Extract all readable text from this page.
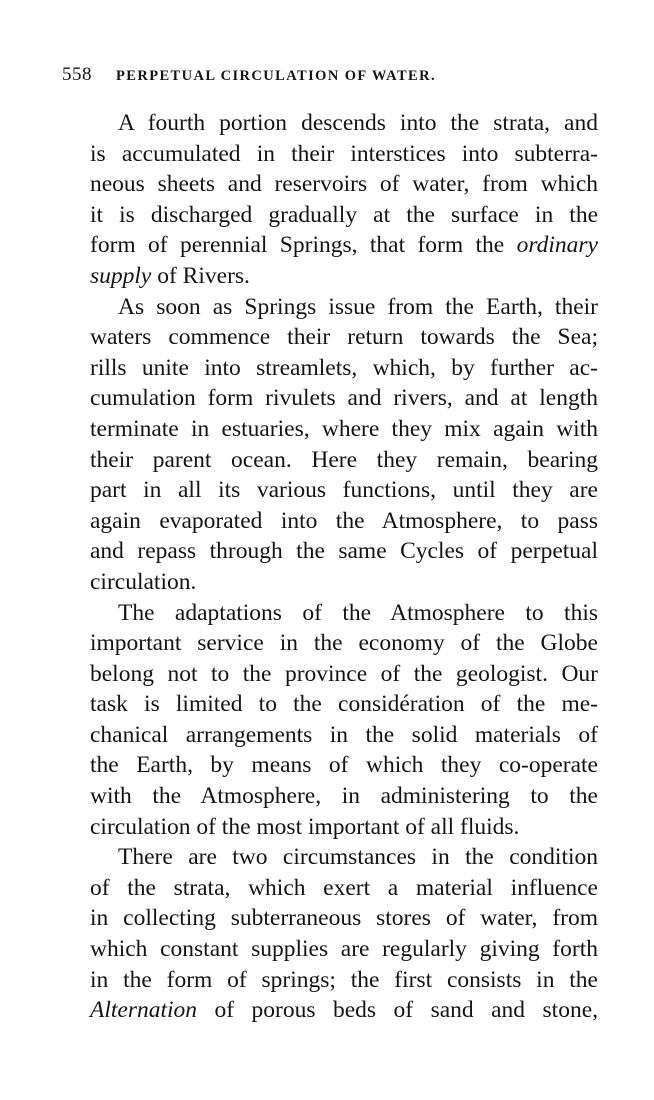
558 PERPETUAL CIRCULATION OF WATER.
A fourth portion descends into the strata, and
is accumulated in their interstices into subterra-
neous sheets and reservoirs of water, from which
it is discharged gradually at the surface in the
form of perennial Springs, that form the ordinary
supply of Rivers.
As soon as Springs issue from the Earth, their
waters commence their return towards the Sea;
rills unite into streamlets, which, by further ac-
cumulation form rivulets and rivers, and at length
terminate in estuaries, where they mix again with
their parent ocean. Here they remain, bearing
part in all its various functions, until they are
again evaporated into the Atmosphere, to pass
and repass through the same Cycles of perpetual
circulation.
The adaptations of the Atmosphere to this
important service in the economy of the Globe
belong not to the province of the geologist. Our
task is limited to the considération of the me-
chanical arrangements in the solid materials of
the Earth, by means of which they co-operate
with the Atmosphere, in administering to the
circulation of the most important of all fluids.
There are two circumstances in the condition
of the strata, which exert a material influence
in collecting subterraneous stores of water, from
which constant supplies are regularly giving forth
in the form of springs; the first consists in the
Alternation of porous beds of sand and stone,
